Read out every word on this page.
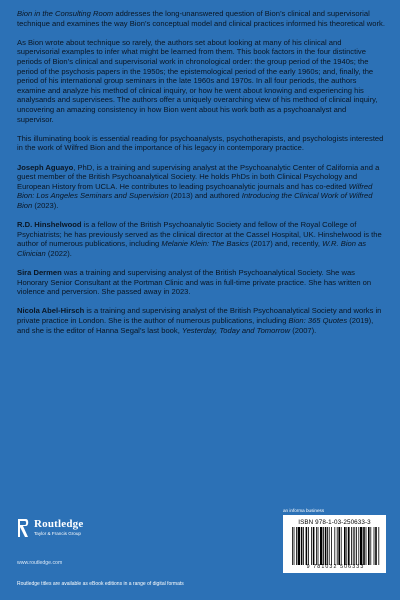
Bion in the Consulting Room addresses the long-unanswered question of Bion’s clinical and supervisorial technique and examines the way Bion’s conceptual model and clinical practices informed his theoretical work.

As Bion wrote about technique so rarely, the authors set about looking at many of his clinical and supervisorial examples to infer what might be learned from them. This book factors in the four distinctive periods of Bion’s clinical and supervisorial work in chronological order: the group period of the 1940s; the period of the psychosis papers in the 1950s; the epistemological period of the early 1960s; and, finally, the period of his international group seminars in the late 1960s and 1970s. In all four periods, the authors examine and analyze his method of clinical inquiry, or how he went about knowing and experiencing his analysands and supervisees. The authors offer a uniquely overarching view of his method of clinical inquiry, uncovering an amazing consistency in how Bion went about his work both as a psychoanalyst and supervisor.

This illuminating book is essential reading for psychoanalysts, psychotherapists, and psychologists interested in the work of Wilfred Bion and the importance of his legacy in contemporary practice.

Joseph Aguayo, PhD, is a training and supervising analyst at the Psychoanalytic Center of California and a guest member of the British Psychoanalytical Society. He holds PhDs in both Clinical Psychology and European History from UCLA. He contributes to leading psychoanalytic journals and has co-edited Wilfred Bion: Los Angeles Seminars and Supervision (2013) and authored Introducing the Clinical Work of Wilfred Bion (2023).

R.D. Hinshelwood is a fellow of the British Psychoanalytic Society and fellow of the Royal College of Psychiatrists; he has previously served as the clinical director at the Cassel Hospital, UK. Hinshelwood is the author of numerous publications, including Melanie Klein: The Basics (2017) and, recently, W.R. Bion as Clinician (2022).

Sira Dermen was a training and supervising analyst of the British Psychoanalytical Society. She was Honorary Senior Consultant at the Portman Clinic and was in full-time private practice. She has written on violence and perversion. She passed away in 2023.

Nicola Abel-Hirsch is a training and supervising analyst of the British Psychoanalytical Society and works in private practice in London. She is the author of numerous publications, including Bion: 365 Quotes (2019), and she is the editor of Hanna Segal’s last book, Yesterday, Today and Tomorrow (2007).

Routledge
Taylor & Francis Group
www.routledge.com
an informa business
ISBN 978-1-03-250633-3
9 781032 506333
Routledge titles are available as eBook editions in a range of digital formats
